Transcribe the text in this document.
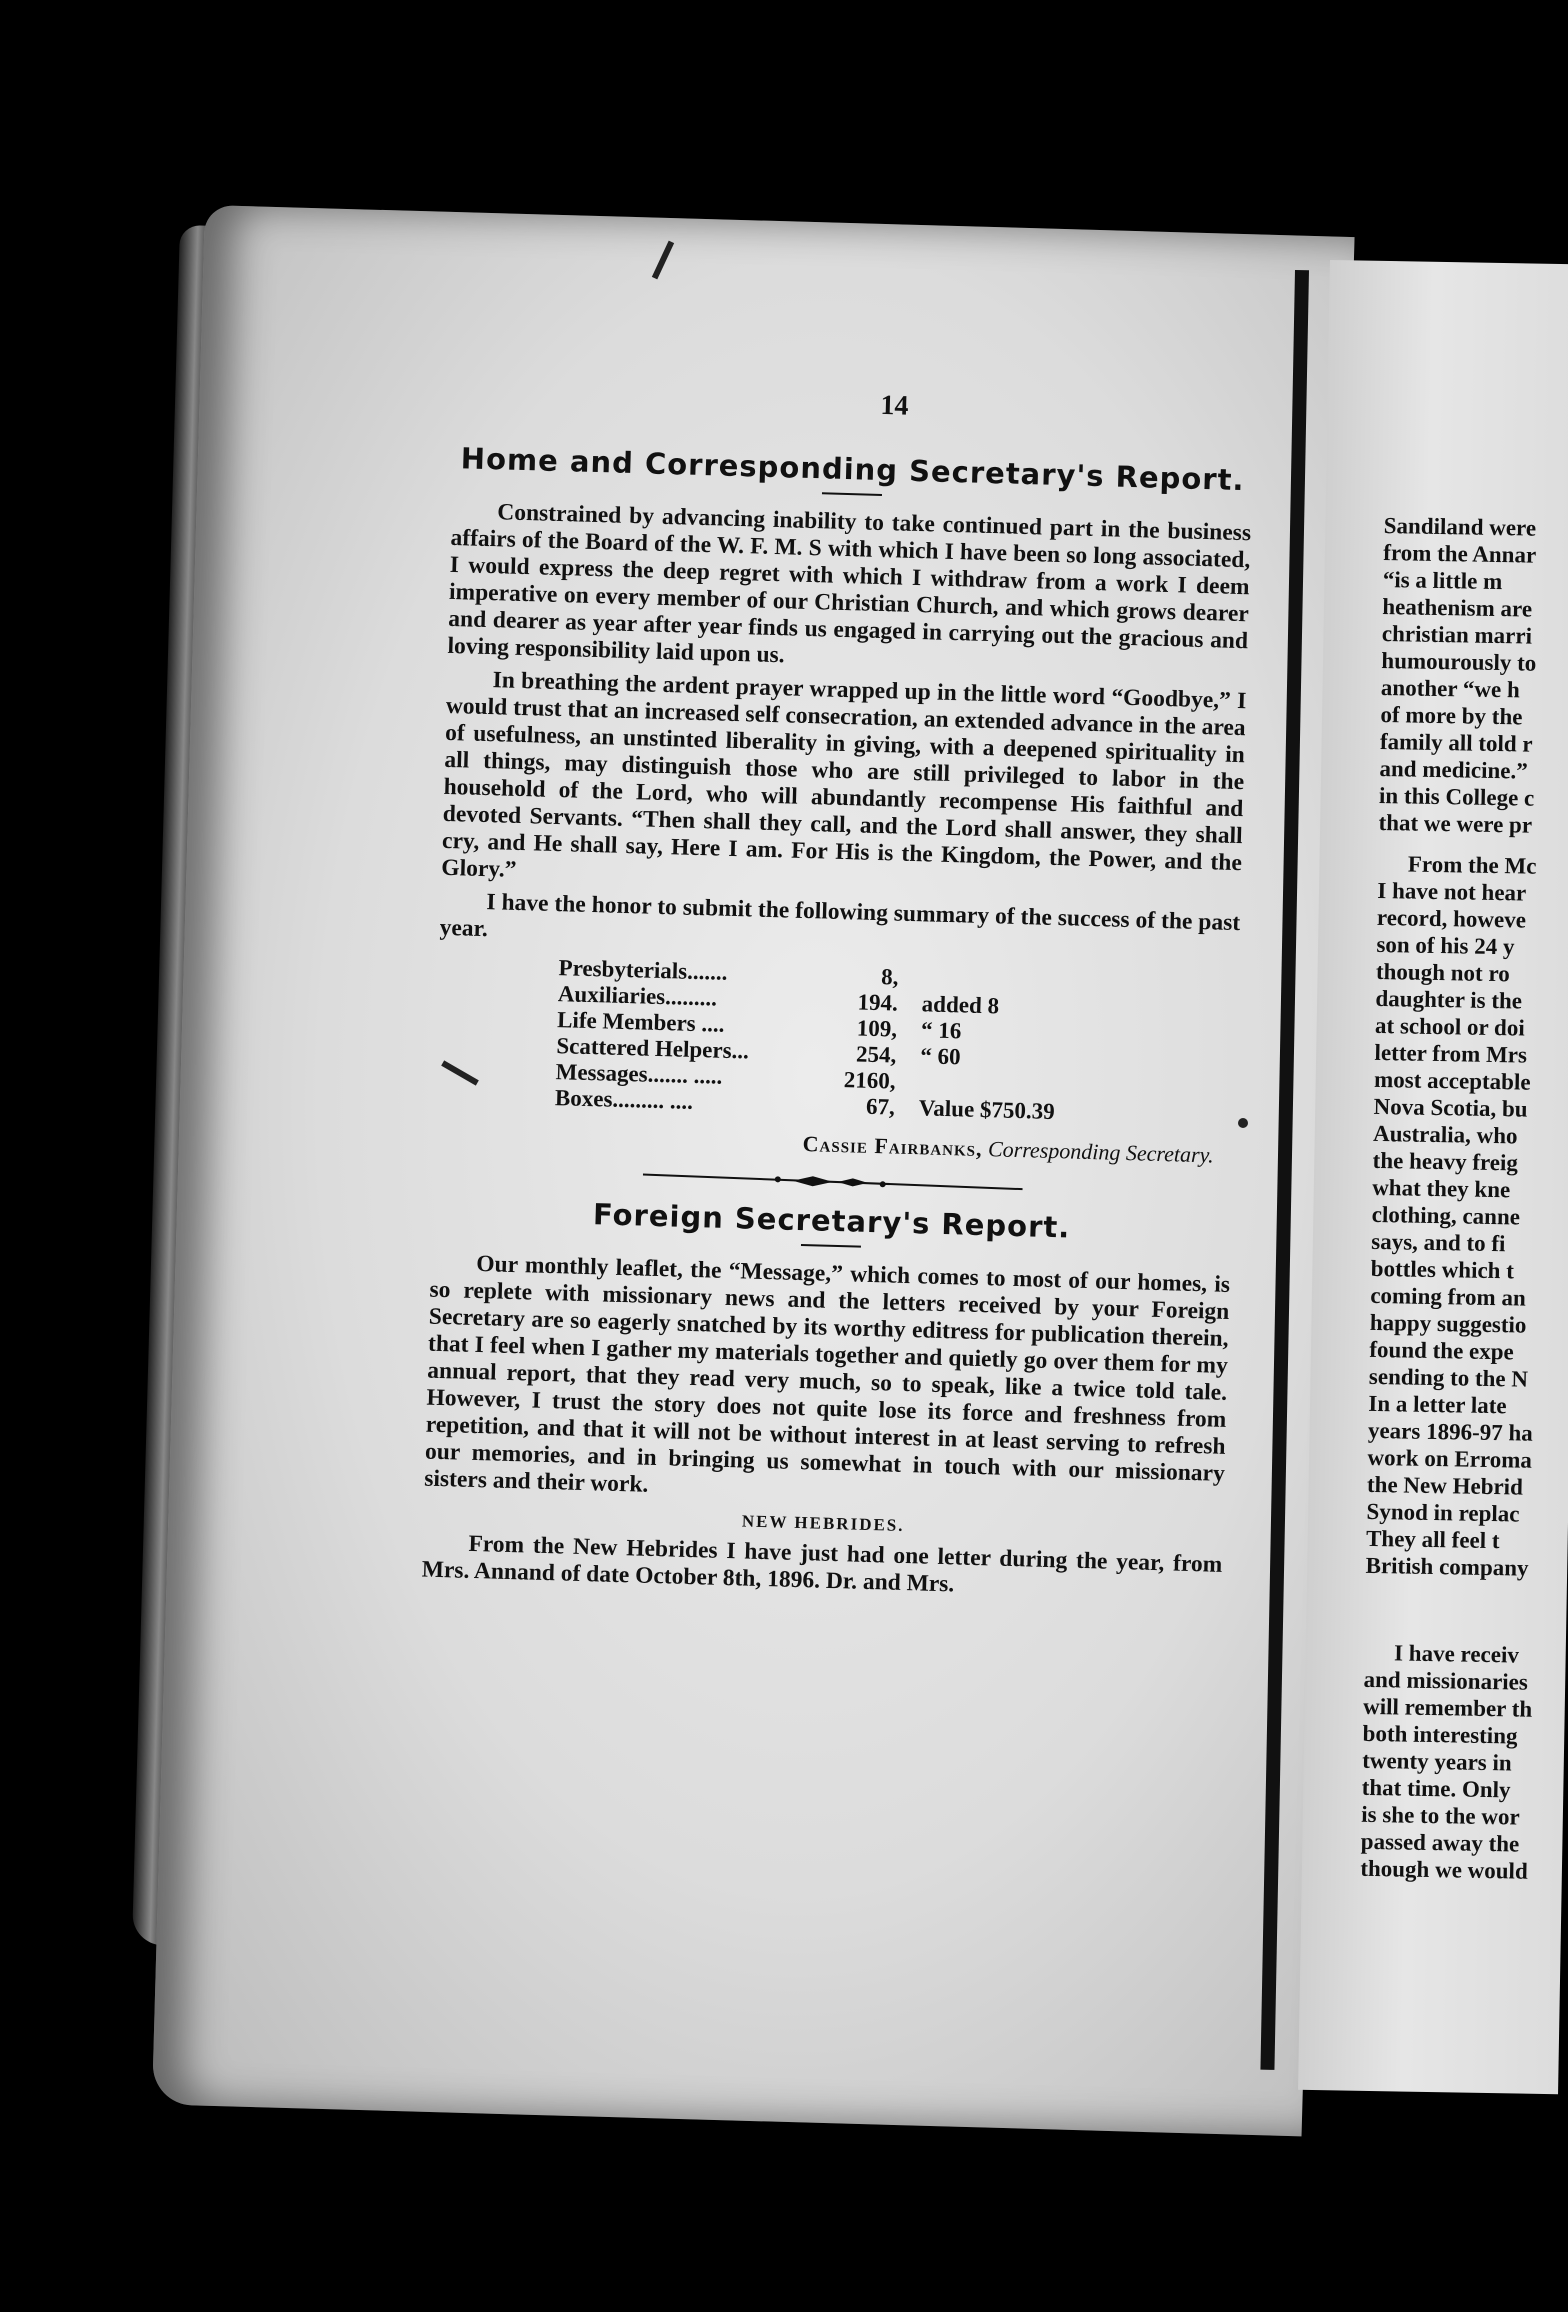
14
Home and Corresponding Secretary's Report.

Constrained by advancing inability to take continued part in the business affairs of the Board of the W. F. M. S with which I have been so long associated, I would express the deep regret with which I withdraw from a work I deem imperative on every member of our Christian Church, and which grows dearer and dearer as year after year finds us engaged in carrying out the gracious and loving responsibility laid upon us.

In breathing the ardent prayer wrapped up in the little word “Goodbye,” I would trust that an increased self consecration, an extended advance in the area of usefulness, an unstinted liberality in giving, with a deepened spirituality in all things, may distinguish those who are still privileged to labor in the household of the Lord, who will abundantly recompense His faithful and devoted Servants. “Then shall they call, and the Lord shall answer, they shall cry, and He shall say, Here I am. For His is the Kingdom, the Power, and the Glory.”

I have the honor to submit the following summary of the success of the past year.

Presbyterials.......	8,
Auxiliaries.........	194. added 8
Life Members ....	109, “ 16
Scattered Helpers...	254, “ 60
Messages....... .....	2160,
Boxes......... ....	67, Value $750.39
Cassie Fairbanks, Corresponding Secretary.
Foreign Secretary's Report.

Our monthly leaflet, the “Message,” which comes to most of our homes, is so replete with missionary news and the letters received by your Foreign Secretary are so eagerly snatched by its worthy editress for publication therein, that I feel when I gather my materials together and quietly go over them for my annual report, that they read very much, so to speak, like a twice told tale. However, I trust the story does not quite lose its force and freshness from repetition, and that it will not be without interest in at least serving to refresh our memories, and in bringing us somewhat in touch with our missionary sisters and their work.

NEW HEBRIDES.

From the New Hebrides I have just had one letter during the year, from Mrs. Annand of date October 8th, 1896. Dr. and Mrs.

Sandiland were
from the Annar
“is a little m
heathenism are
christian marri
humourously to
another “we h
of more by the
family all told r
and medicine.”
in this College c
that we were pr
From the Mc
I have not hear
record, howeve
son of his 24 y
though not ro
daughter is the
at school or doi
letter from Mrs
most acceptable
Nova Scotia, bu
Australia, who
the heavy freig
what they kne
clothing, canne
says, and to fi
bottles which t
coming from an
happy suggestio
found the expe
sending to the N
In a letter late
years 1896-97 ha
work on Erroma
the New Hebrid
Synod in replac
They all feel t
British company
I have receiv
and missionaries
will remember th
both interesting
twenty years in
that time. Only
is she to the wor
passed away the
though we would
